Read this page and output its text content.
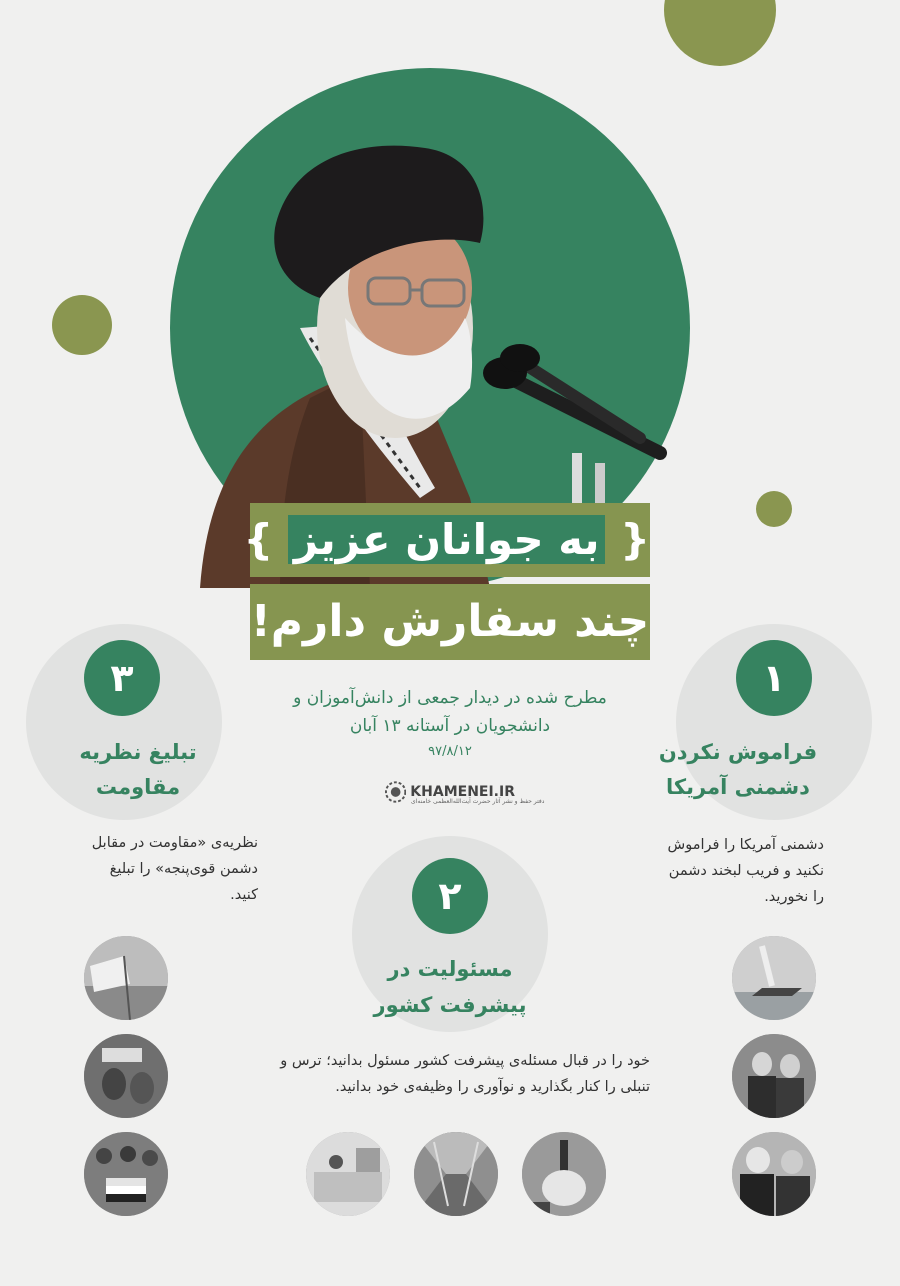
{ به جوانان عزیز }
چند سفارش دارم!
مطرح شده در دیدار جمعی از دانش‌آموزان و دانشجویان در آستانه ۱۳ آبان
۹۷/۸/۱۲
KHAMENEI.IR
دفتر حفظ و نشر آثار حضرت آیت‌الله‌العظمی خامنه‌ای
۱
فراموش نکردن
دشمنی آمریکا
دشمنی آمریکا را فراموش نکنید و فریب لبخند دشمن را نخورید.
۳
تبلیغ نظریه
مقاومت
نظریه‌ی «مقاومت در مقابل دشمن قوی‌پنجه» را تبلیغ کنید.	۲
مسئولیت در
پیشرفت کشور
خود را در قبال مسئله‌ی پیشرفت کشور مسئول بدانید؛ ترس و تنبلی را کنار بگذارید و نوآوری را وظیفه‌ی خود بدانید.
